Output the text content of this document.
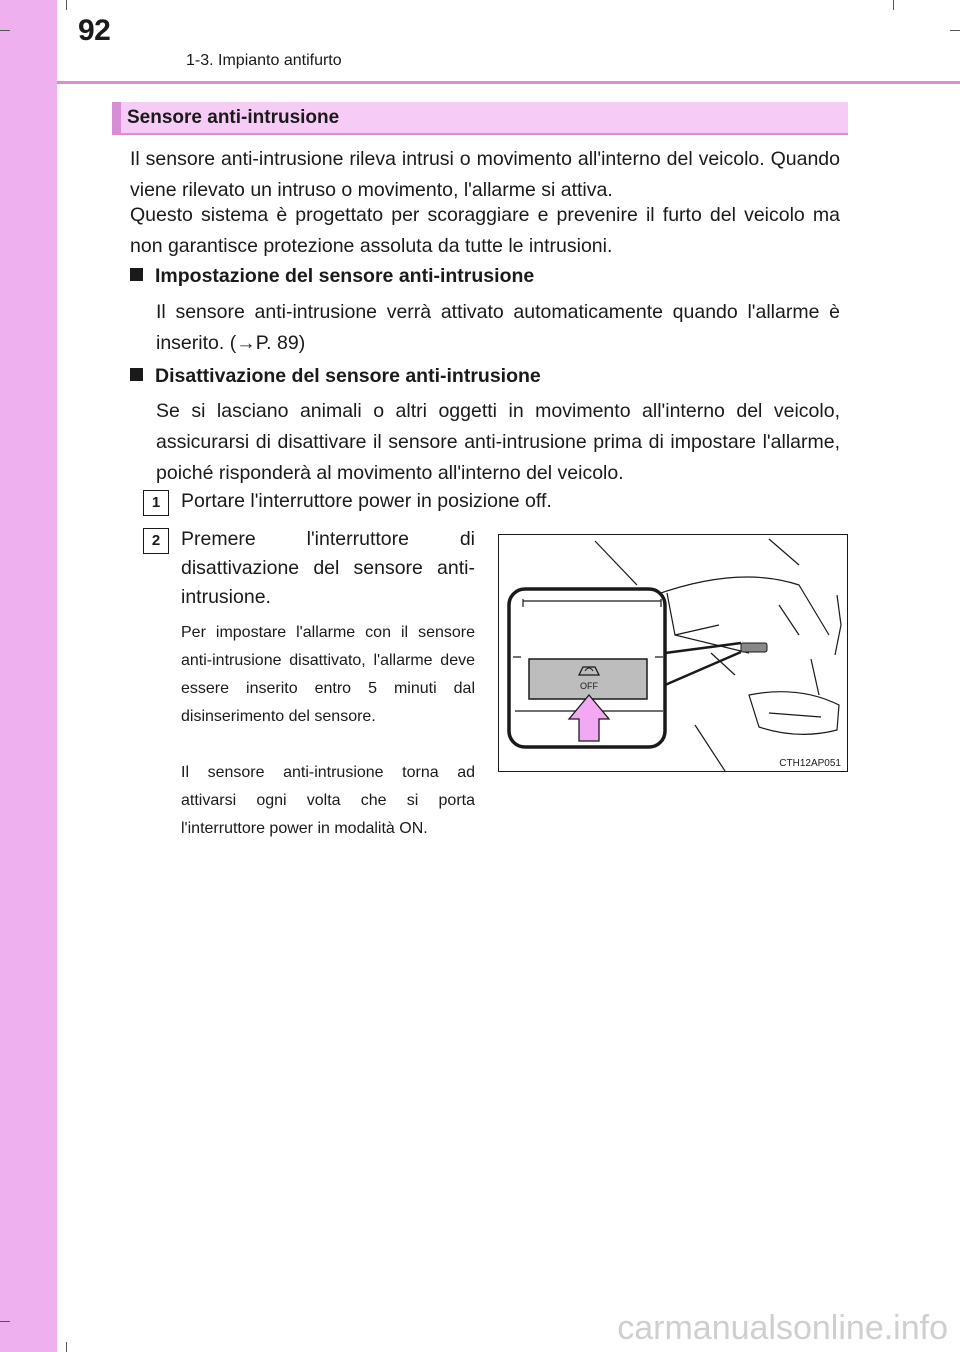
92
1-3. Impianto antifurto
Sensore anti-intrusione
Il sensore anti-intrusione rileva intrusi o movimento all'interno del veicolo. Quando viene rilevato un intruso o movimento, l'allarme si attiva.
Questo sistema è progettato per scoraggiare e prevenire il furto del veicolo ma non garantisce protezione assoluta da tutte le intrusioni.
Impostazione del sensore anti-intrusione
Il sensore anti-intrusione verrà attivato automaticamente quando l'allarme è inserito. (→P. 89)
Disattivazione del sensore anti-intrusione
Se si lasciano animali o altri oggetti in movimento all'interno del veicolo, assicurarsi di disattivare il sensore anti-intrusione prima di impostare l'allarme, poiché risponderà al movimento all'interno del veicolo.
1	Portare l'interruttore power in posizione off.
2	Premere l'interruttore di disattivazione del sensore anti-intrusione.
Per impostare l'allarme con il sensore anti-intrusione disattivato, l'allarme deve essere inserito entro 5 minuti dal disinserimento del sensore.
Il sensore anti-intrusione torna ad attivarsi ogni volta che si porta l'interruttore power in modalità ON.
OFF
CTH12AP051
carmanualsonline.info
